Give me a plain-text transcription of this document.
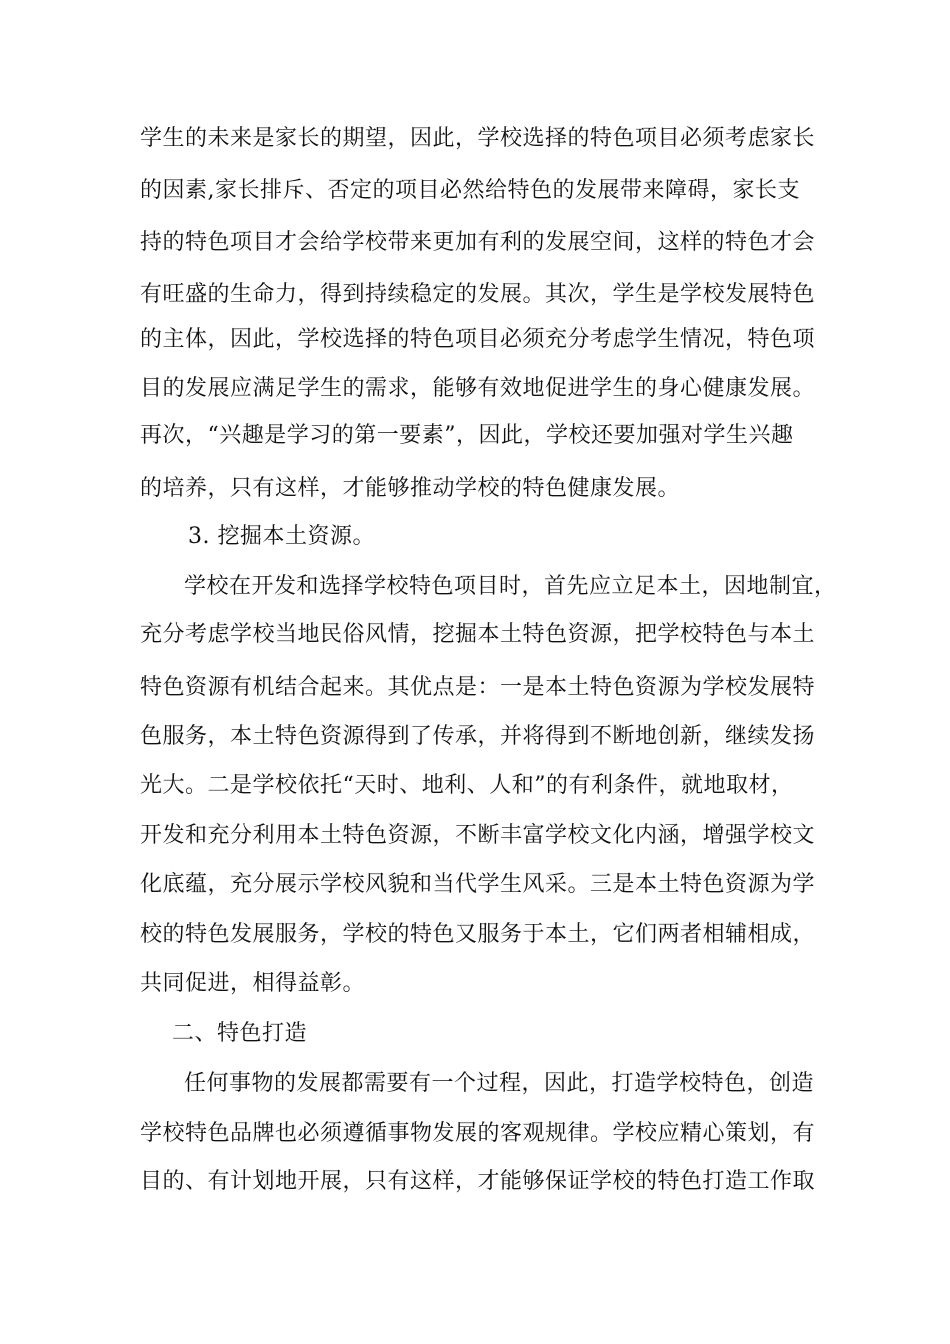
学生的未来是家长的期望，因此，学校选择的特色项目必须考虑家长
的因素,家长排斥、否定的项目必然给特色的发展带来障碍，家长支
持的特色项目才会给学校带来更加有利的发展空间，这样的特色才会
有旺盛的生命力，得到持续稳定的发展。其次，学生是学校发展特色
的主体，因此，学校选择的特色项目必须充分考虑学生情况，特色项
目的发展应满足学生的需求，能够有效地促进学生的身心健康发展。
再次，“兴趣是学习的第一要素”，因此，学校还要加强对学生兴趣
的培养，只有这样，才能够推动学校的特色健康发展。
3. 挖掘本土资源。
学校在开发和选择学校特色项目时，首先应立足本土，因地制宜，
充分考虑学校当地民俗风情，挖掘本土特色资源，把学校特色与本土
特色资源有机结合起来。其优点是：一是本土特色资源为学校发展特
色服务，本土特色资源得到了传承，并将得到不断地创新，继续发扬
光大。二是学校依托“天时、地利、人和”的有利条件，就地取材，
开发和充分利用本土特色资源，不断丰富学校文化内涵，增强学校文
化底蕴，充分展示学校风貌和当代学生风采。三是本土特色资源为学
校的特色发展服务，学校的特色又服务于本土，它们两者相辅相成，
共同促进，相得益彰。
二、特色打造
任何事物的发展都需要有一个过程，因此，打造学校特色，创造
学校特色品牌也必须遵循事物发展的客观规律。学校应精心策划，有
目的、有计划地开展，只有这样，才能够保证学校的特色打造工作取
